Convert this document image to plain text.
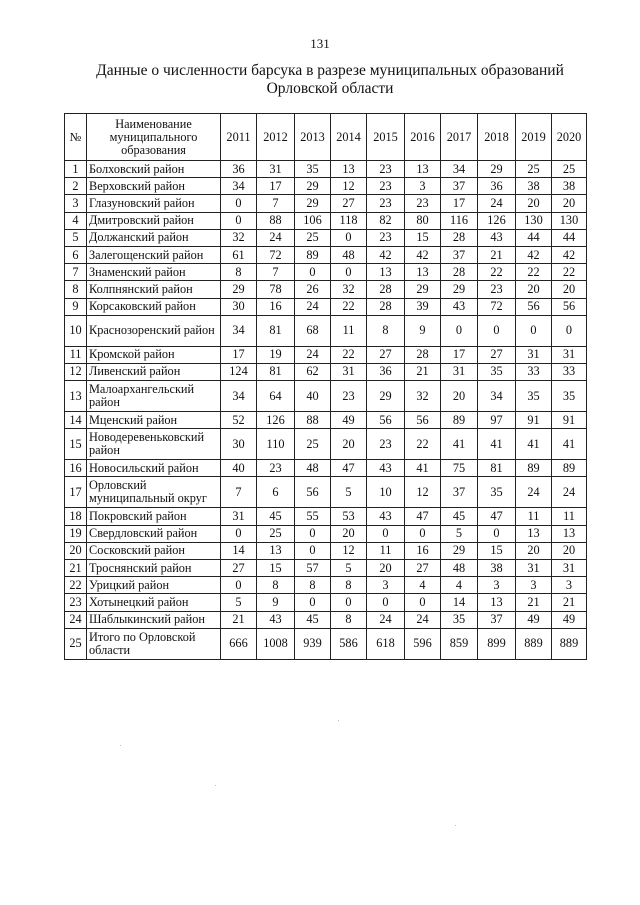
131
Данные о численности барсука в разрезе муниципальных образований
Орловской области
№	Наименование муниципального образования	2011	2012	2013	2014	2015	2016	2017	2018	2019	2020
1	Болховский район	36	31	35	13	23	13	34	29	25	25
2	Верховский район	34	17	29	12	23	3	37	36	38	38
3	Глазуновский район	0	7	29	27	23	23	17	24	20	20
4	Дмитровский район	0	88	106	118	82	80	116	126	130	130
5	Должанский район	32	24	25	0	23	15	28	43	44	44
6	Залегощенский район	61	72	89	48	42	42	37	21	42	42
7	Знаменский район	8	7	0	0	13	13	28	22	22	22
8	Колпнянский район	29	78	26	32	28	29	29	23	20	20
9	Корсаковский район	30	16	24	22	28	39	43	72	56	56
10	Краснозоренский район	34	81	68	11	8	9	0	0	0	0
11	Кромской район	17	19	24	22	27	28	17	27	31	31
12	Ливенский район	124	81	62	31	36	21	31	35	33	33
13	Малоархангельский район	34	64	40	23	29	32	20	34	35	35
14	Мценский район	52	126	88	49	56	56	89	97	91	91
15	Новодеревеньковский район	30	110	25	20	23	22	41	41	41	41
16	Новосильский район	40	23	48	47	43	41	75	81	89	89
17	Орловский муниципальный округ	7	6	56	5	10	12	37	35	24	24
18	Покровский район	31	45	55	53	43	47	45	47	11	11
19	Свердловский район	0	25	0	20	0	0	5	0	13	13
20	Сосковский район	14	13	0	12	11	16	29	15	20	20
21	Троснянский район	27	15	57	5	20	27	48	38	31	31
22	Урицкий район	0	8	8	8	3	4	4	3	3	3
23	Хотынецкий район	5	9	0	0	0	0	14	13	21	21
24	Шаблыкинский район	21	43	45	8	24	24	35	37	49	49
25	Итого по Орловской области	666	1008	939	586	618	596	859	899	889	889
